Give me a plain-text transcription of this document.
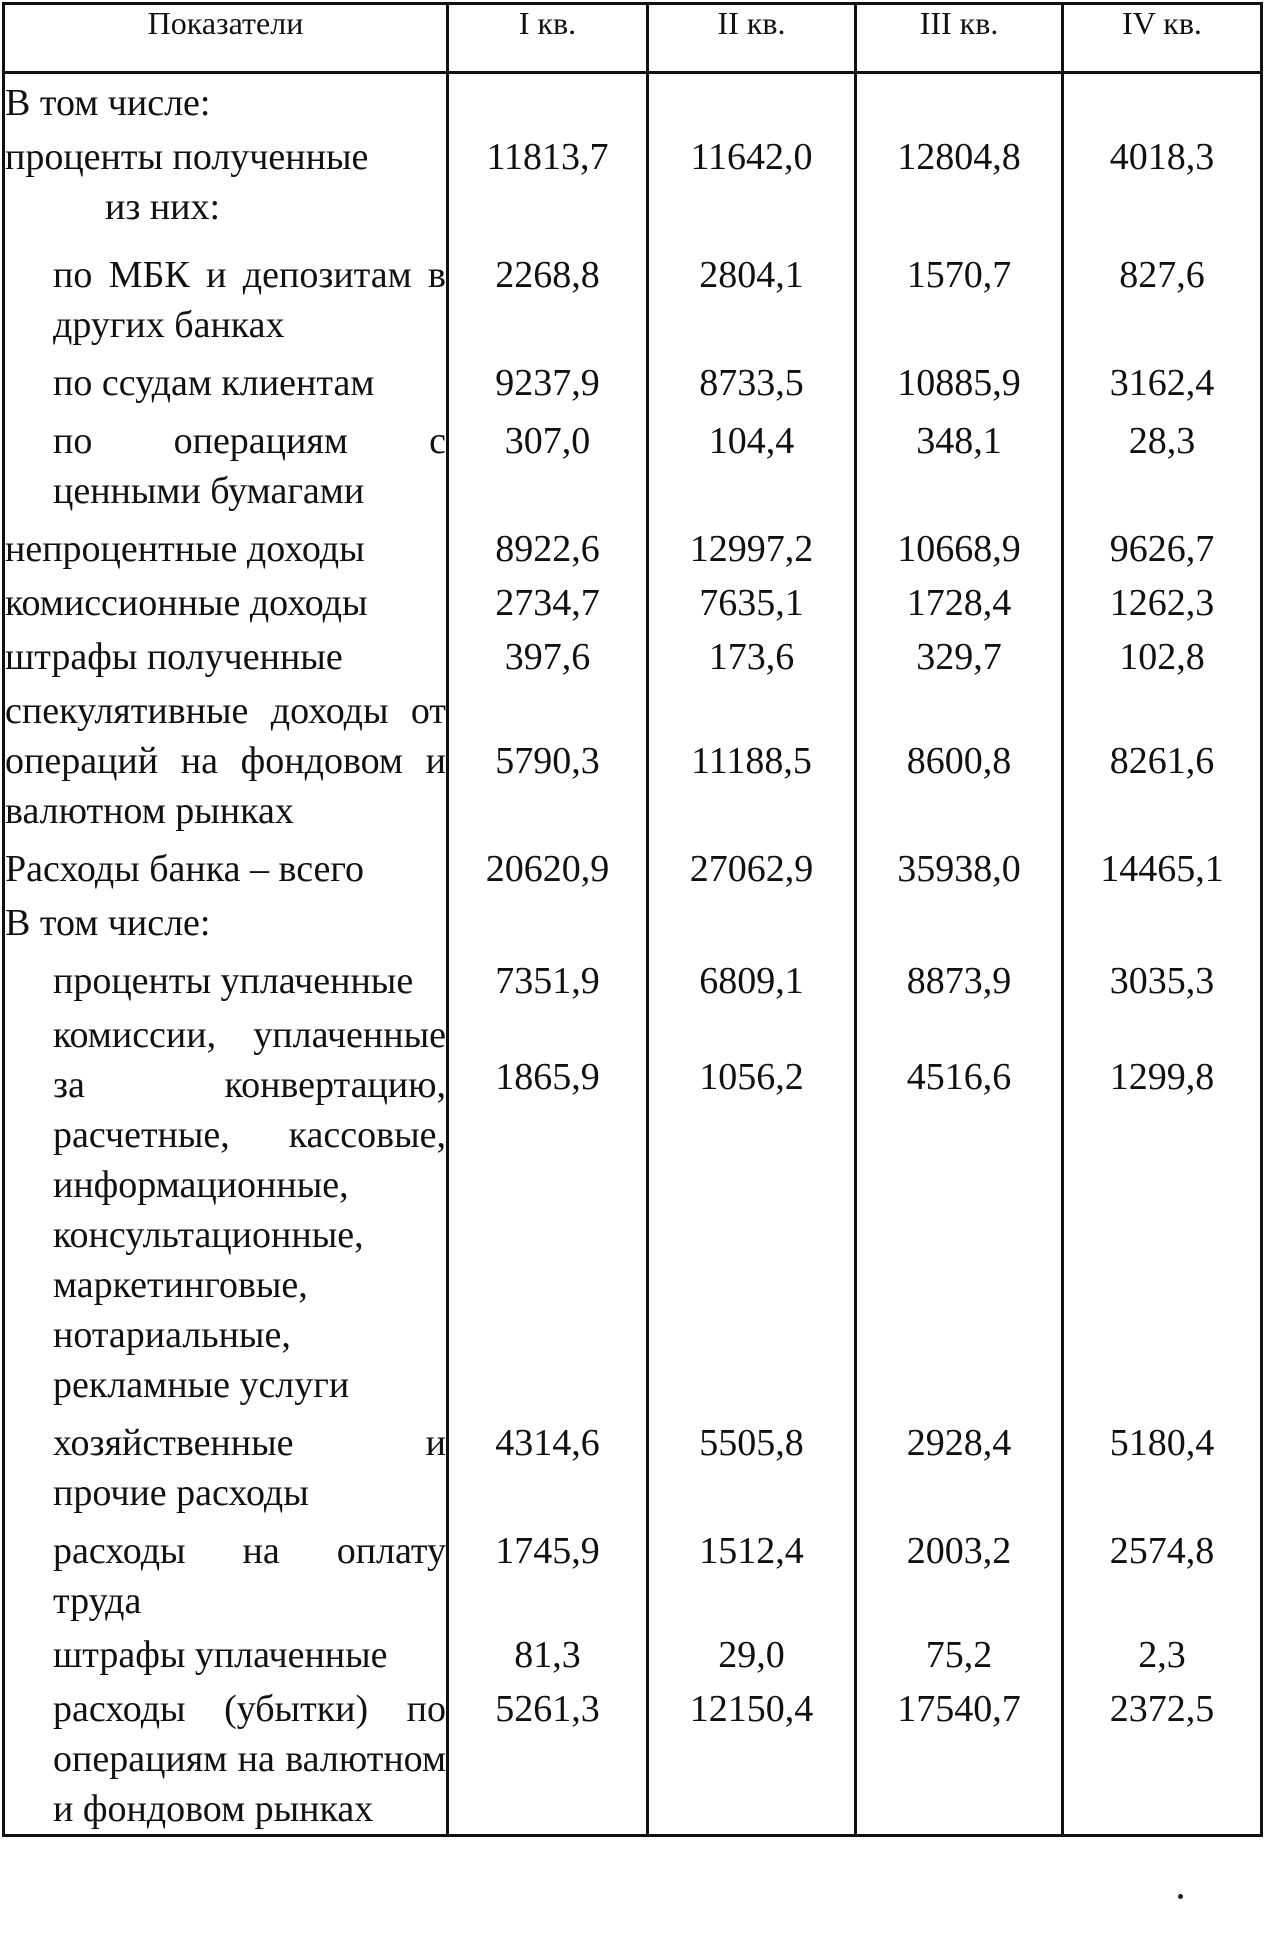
Показатели	I кв.	II кв.	III кв.	IV кв.

В том числе:				

проценты полученные	11813,7	11642,0	12804,8	4018,3

из них:				

по МБК и депозитам в других банках	2268,8	2804,1	1570,7	827,6

по ссудам клиентам	9237,9	8733,5	10885,9	3162,4

по операциям с ценными бумагами	307,0	104,4	348,1	28,3

непроцентные доходы	8922,6	12997,2	10668,9	9626,7

комиссионные доходы	2734,7	7635,1	1728,4	1262,3

штрафы полученные	397,6	173,6	329,7	102,8

спекулятивные доходы от операций на фондовом и валютном рынках	5790,3	11188,5	8600,8	8261,6

Расходы банка – всего	20620,9	27062,9	35938,0	14465,1

В том числе:				

проценты уплаченные	7351,9	6809,1	8873,9	3035,3

комиссии, уплаченные за конвертацию, расчетные, кассовые, информационные, консультационные, маркетинговые, нотариальные, рекламные услуги	1865,9	1056,2	4516,6	1299,8

хозяйственные и прочие расходы	4314,6	5505,8	2928,4	5180,4

расходы на оплату труда	1745,9	1512,4	2003,2	2574,8

штрафы уплаченные	81,3	29,0	75,2	2,3

расходы (убытки) по операциям на валютном и фондовом рынках	5261,3	12150,4	17540,7	2372,5
